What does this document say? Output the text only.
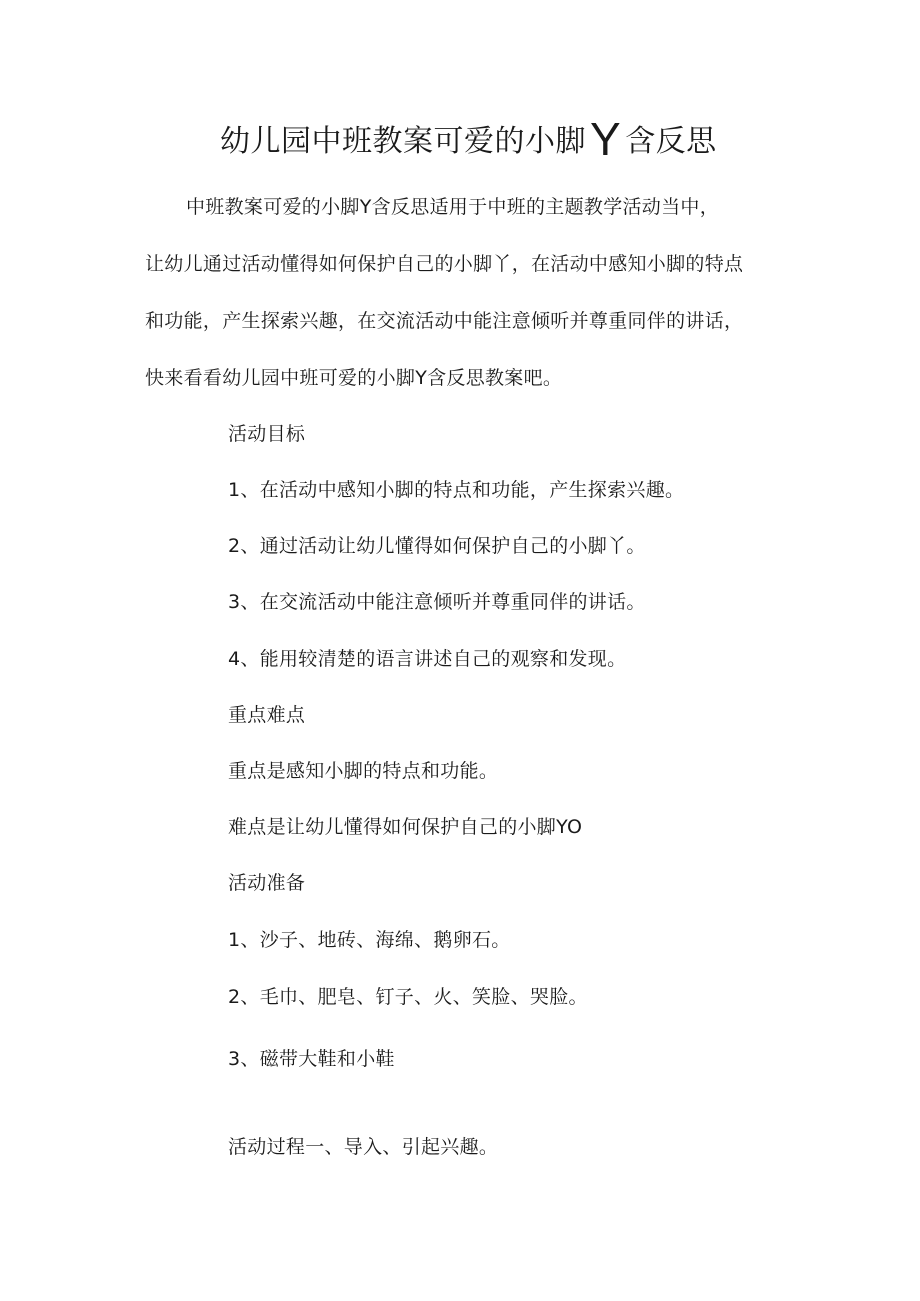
幼儿园中班教案可爱的小脚Y 含反思
中班教案可爱的小脚Y含反思适用于中班的主题教学活动当中，
让幼儿通过活动懂得如何保护自己的小脚丫，在活动中感知小脚的特点
和功能，产生探索兴趣，在交流活动中能注意倾听并尊重同伴的讲话，
快来看看幼儿园中班可爱的小脚Y含反思教案吧。
活动目标
1、在活动中感知小脚的特点和功能，产生探索兴趣。
2、通过活动让幼儿懂得如何保护自己的小脚丫。
3、在交流活动中能注意倾听并尊重同伴的讲话。
4、能用较清楚的语言讲述自己的观察和发现。
重点难点
重点是感知小脚的特点和功能。
难点是让幼儿懂得如何保护自己的小脚YO
活动准备
1、沙子、地砖、海绵、鹅卵石。
2、毛巾、肥皂、钉子、火、笑脸、哭脸。
3、磁带大鞋和小鞋
活动过程一、导入、引起兴趣。
